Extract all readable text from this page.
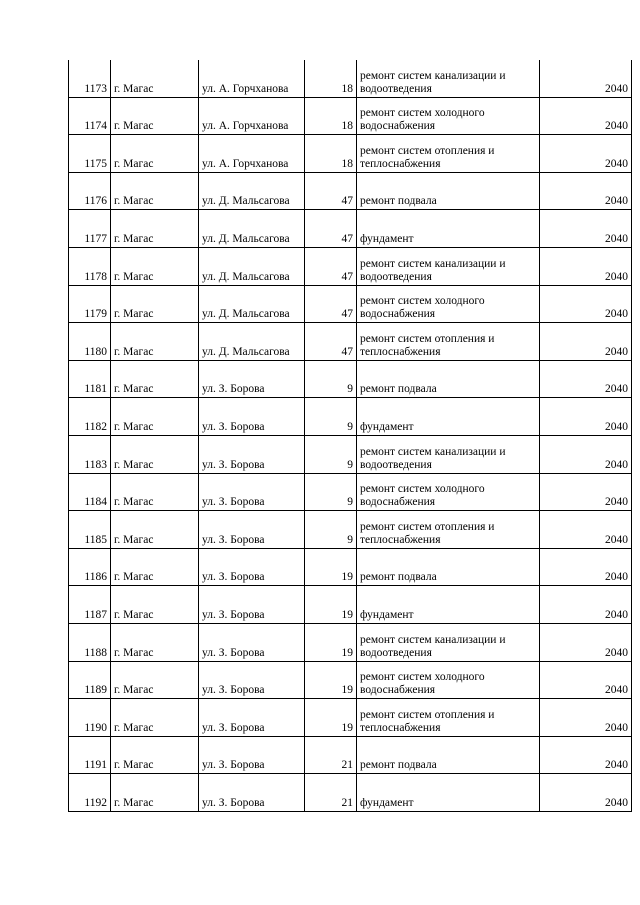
1173	г. Магас	ул. А. Горчханова	18	ремонт систем канализации и водоотведения	2040
1174	г. Магас	ул. А. Горчханова	18	ремонт систем холодного водоснабжения	2040
1175	г. Магас	ул. А. Горчханова	18	ремонт систем отопления и теплоснабжения	2040
1176	г. Магас	ул. Д. Мальсагова	47	ремонт подвала	2040
1177	г. Магас	ул. Д. Мальсагова	47	фундамент	2040
1178	г. Магас	ул. Д. Мальсагова	47	ремонт систем канализации и водоотведения	2040
1179	г. Магас	ул. Д. Мальсагова	47	ремонт систем холодного водоснабжения	2040
1180	г. Магас	ул. Д. Мальсагова	47	ремонт систем отопления и теплоснабжения	2040
1181	г. Магас	ул. З. Борова	9	ремонт подвала	2040
1182	г. Магас	ул. З. Борова	9	фундамент	2040
1183	г. Магас	ул. З. Борова	9	ремонт систем канализации и водоотведения	2040
1184	г. Магас	ул. З. Борова	9	ремонт систем холодного водоснабжения	2040
1185	г. Магас	ул. З. Борова	9	ремонт систем отопления и теплоснабжения	2040
1186	г. Магас	ул. З. Борова	19	ремонт подвала	2040
1187	г. Магас	ул. З. Борова	19	фундамент	2040
1188	г. Магас	ул. З. Борова	19	ремонт систем канализации и водоотведения	2040
1189	г. Магас	ул. З. Борова	19	ремонт систем холодного водоснабжения	2040
1190	г. Магас	ул. З. Борова	19	ремонт систем отопления и теплоснабжения	2040
1191	г. Магас	ул. З. Борова	21	ремонт подвала	2040
1192	г. Магас	ул. З. Борова	21	фундамент	2040
